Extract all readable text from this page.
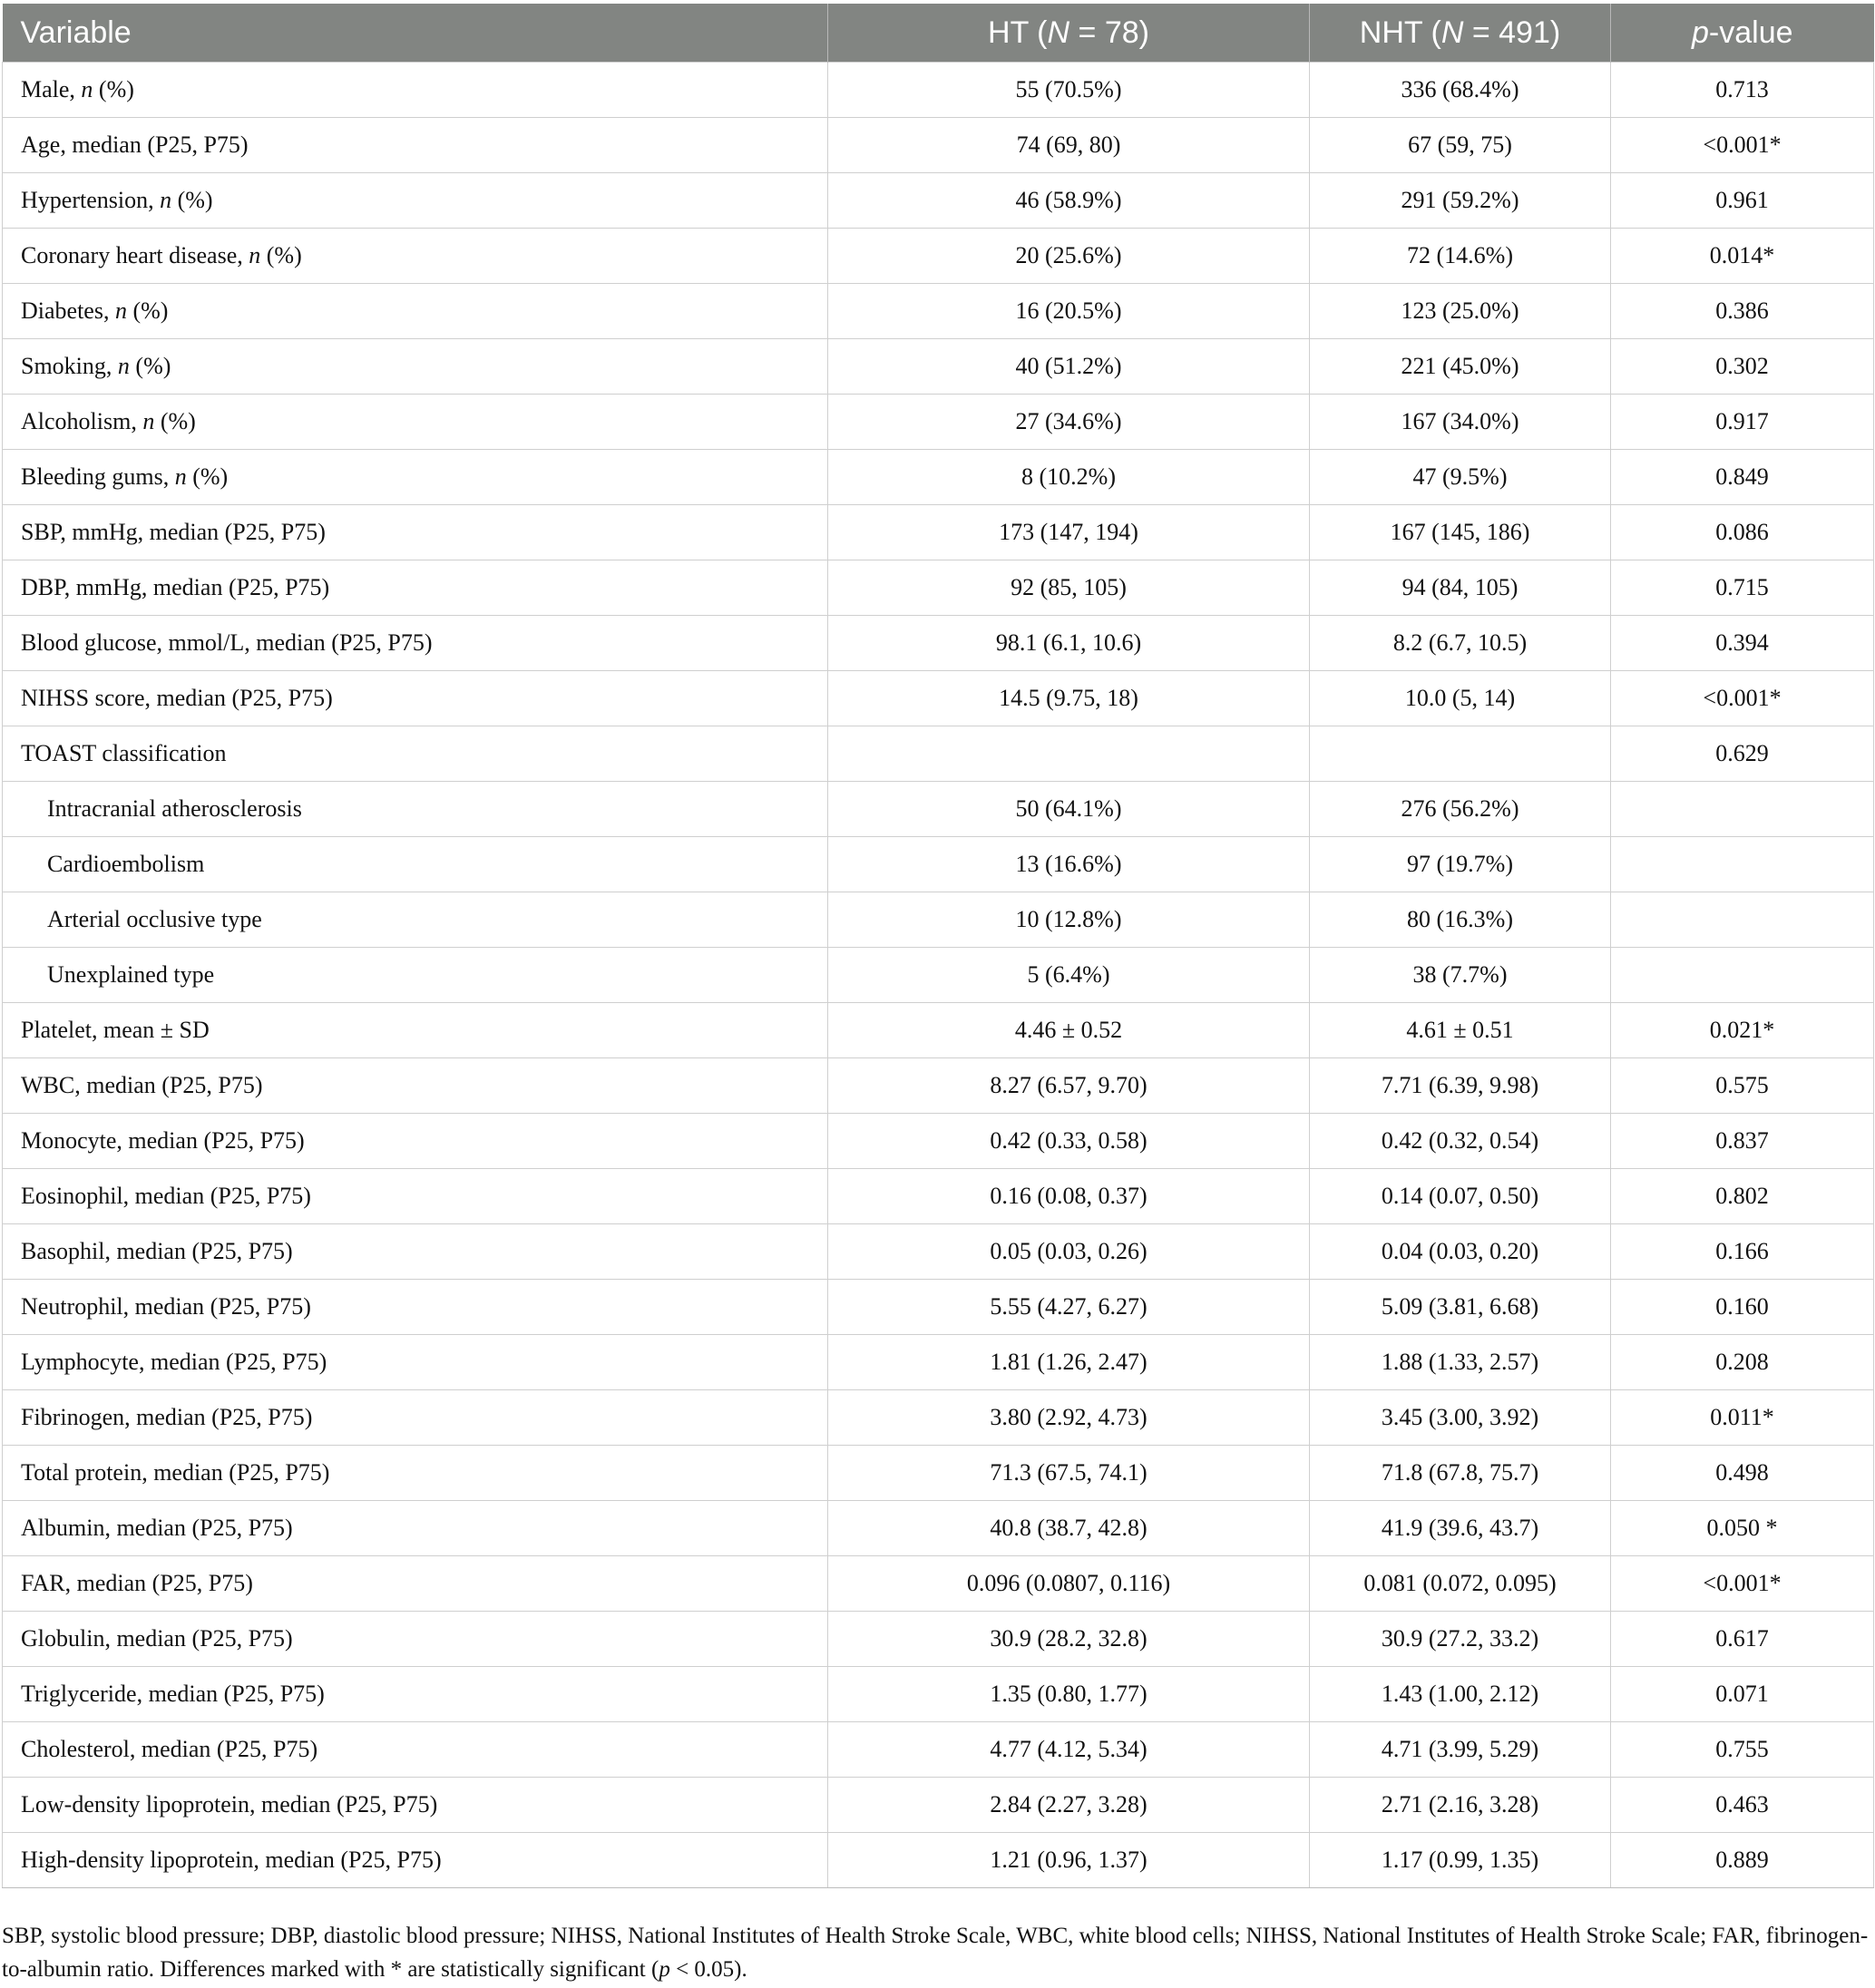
Variable	HT (N = 78)	NHT (N = 491)	p-value
Male, n (%)	55 (70.5%)	336 (68.4%)	0.713
Age, median (P25, P75)	74 (69, 80)	67 (59, 75)	<0.001*
Hypertension, n (%)	46 (58.9%)	291 (59.2%)	0.961
Coronary heart disease, n (%)	20 (25.6%)	72 (14.6%)	0.014*
Diabetes, n (%)	16 (20.5%)	123 (25.0%)	0.386
Smoking, n (%)	40 (51.2%)	221 (45.0%)	0.302
Alcoholism, n (%)	27 (34.6%)	167 (34.0%)	0.917
Bleeding gums, n (%)	8 (10.2%)	47 (9.5%)	0.849
SBP, mmHg, median (P25, P75)	173 (147, 194)	167 (145, 186)	0.086
DBP, mmHg, median (P25, P75)	92 (85, 105)	94 (84, 105)	0.715
Blood glucose, mmol/L, median (P25, P75)	98.1 (6.1, 10.6)	8.2 (6.7, 10.5)	0.394
NIHSS score, median (P25, P75)	14.5 (9.75, 18)	10.0 (5, 14)	<0.001*
TOAST classification			0.629
Intracranial atherosclerosis	50 (64.1%)	276 (56.2%)	
Cardioembolism	13 (16.6%)	97 (19.7%)	
Arterial occlusive type	10 (12.8%)	80 (16.3%)	
Unexplained type	5 (6.4%)	38 (7.7%)	
Platelet, mean ± SD	4.46 ± 0.52	4.61 ± 0.51	0.021*
WBC, median (P25, P75)	8.27 (6.57, 9.70)	7.71 (6.39, 9.98)	0.575
Monocyte, median (P25, P75)	0.42 (0.33, 0.58)	0.42 (0.32, 0.54)	0.837
Eosinophil, median (P25, P75)	0.16 (0.08, 0.37)	0.14 (0.07, 0.50)	0.802
Basophil, median (P25, P75)	0.05 (0.03, 0.26)	0.04 (0.03, 0.20)	0.166
Neutrophil, median (P25, P75)	5.55 (4.27, 6.27)	5.09 (3.81, 6.68)	0.160
Lymphocyte, median (P25, P75)	1.81 (1.26, 2.47)	1.88 (1.33, 2.57)	0.208
Fibrinogen, median (P25, P75)	3.80 (2.92, 4.73)	3.45 (3.00, 3.92)	0.011*
Total protein, median (P25, P75)	71.3 (67.5, 74.1)	71.8 (67.8, 75.7)	0.498
Albumin, median (P25, P75)	40.8 (38.7, 42.8)	41.9 (39.6, 43.7)	0.050 *
FAR, median (P25, P75)	0.096 (0.0807, 0.116)	0.081 (0.072, 0.095)	<0.001*
Globulin, median (P25, P75)	30.9 (28.2, 32.8)	30.9 (27.2, 33.2)	0.617
Triglyceride, median (P25, P75)	1.35 (0.80, 1.77)	1.43 (1.00, 2.12)	0.071
Cholesterol, median (P25, P75)	4.77 (4.12, 5.34)	4.71 (3.99, 5.29)	0.755
Low-density lipoprotein, median (P25, P75)	2.84 (2.27, 3.28)	2.71 (2.16, 3.28)	0.463
High-density lipoprotein, median (P25, P75)	1.21 (0.96, 1.37)	1.17 (0.99, 1.35)	0.889
SBP, systolic blood pressure; DBP, diastolic blood pressure; NIHSS, National Institutes of Health Stroke Scale, WBC, white blood cells; NIHSS, National Institutes of Health Stroke Scale; FAR, fibrinogen-to-albumin ratio. Differences marked with * are statistically significant (p < 0.05).
